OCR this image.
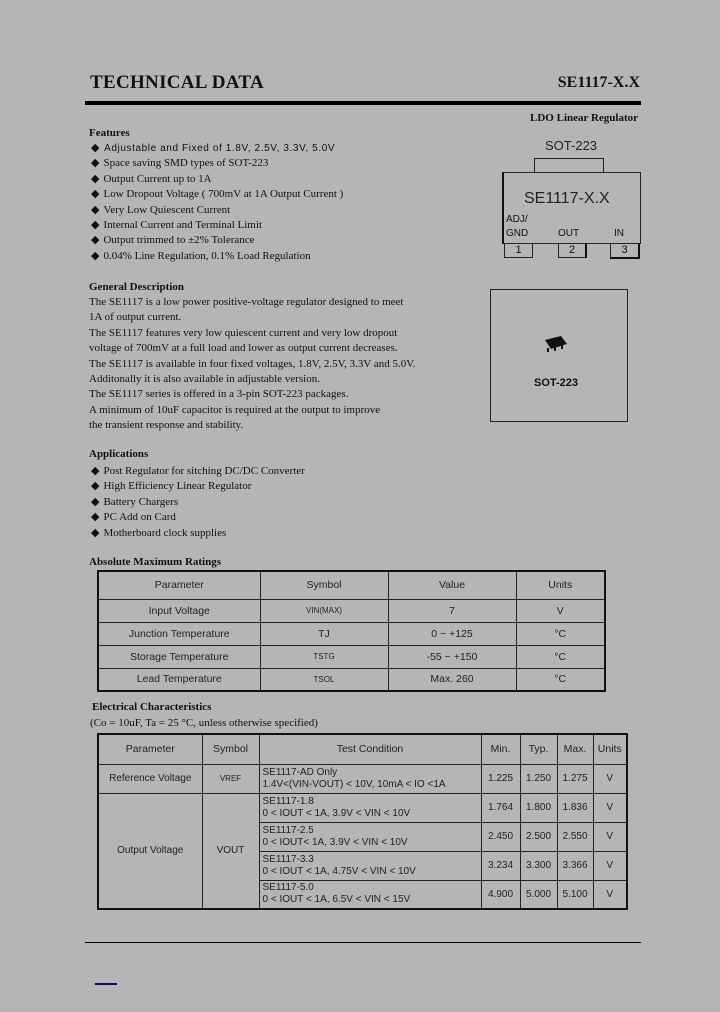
TECHNICAL DATA	SE1117-X.X
LDO Linear Regulator
Features
◆ Adjustable and Fixed of 1.8V, 2.5V, 3.3V, 5.0V
◆ Space saving SMD types of SOT-223
◆ Output Current up to 1A
◆ Low Dropout Voltage ( 700mV at 1A Output Current )
◆ Very Low Quiescent Current
◆ Internal Current and Terminal Limit
◆ Output trimmed to ±2% Tolerance
◆ 0.04% Line Regulation, 0.1% Load Regulation
SOT-223
SE1117-X.X
ADJ/
GND	OUT	IN
1	2	3
SOT-223
General Description
The SE1117 is a low power positive-voltage regulator designed to meet
1A of output current.
The SE1117 features very low quiescent current and very low dropout
voltage of 700mV at a full load and lower as output current decreases.
The SE1117 is available in four fixed voltages, 1.8V, 2.5V, 3.3V and 5.0V.
Additonally it is also available in adjustable version.
The SE1117 series is offered in a 3-pin SOT-223 packages.
A minimum of 10uF capacitor is required at the output to improve
the transient response and stability.
Applications
◆ Post Regulator for sitching DC/DC Converter
◆ High Efficiency Linear Regulator
◆ Battery Chargers
◆ PC Add on Card
◆ Motherboard clock supplies
Absolute Maximum Ratings
Parameter	Symbol	Value	Units
Input Voltage	VIN(MAX)	7	V
Junction Temperature	TJ	0 ~ +125	°C
Storage Temperature	TSTG	-55 ~ +150	°C
Lead Temperature	TSOL	Max. 260	°C
Electrical Characteristics
(Co = 10uF, Ta = 25 °C, unless otherwise specified)
Parameter	Symbol	Test Condition	Min.	Typ.	Max.	Units
Reference Voltage	VREF	SE1117-AD Only
1.4V<(VIN-VOUT) < 10V, 10mA < IO <1A	1.225	1.250	1.275	V
Output Voltage	VOUT	SE1117-1.8
0 < IOUT < 1A, 3.9V < VIN < 10V	1.764	1.800	1.836	V

		SE1117-2.5
0 < IOUT< 1A, 3.9V < VIN < 10V	2.450	2.500	2.550	V

		SE1117-3.3
0 < IOUT < 1A, 4.75V < VIN < 10V	3.234	3.300	3.366	V

		SE1117-5.0
0 < IOUT < 1A, 6.5V < VIN < 15V	4.900	5.000	5.100	V
